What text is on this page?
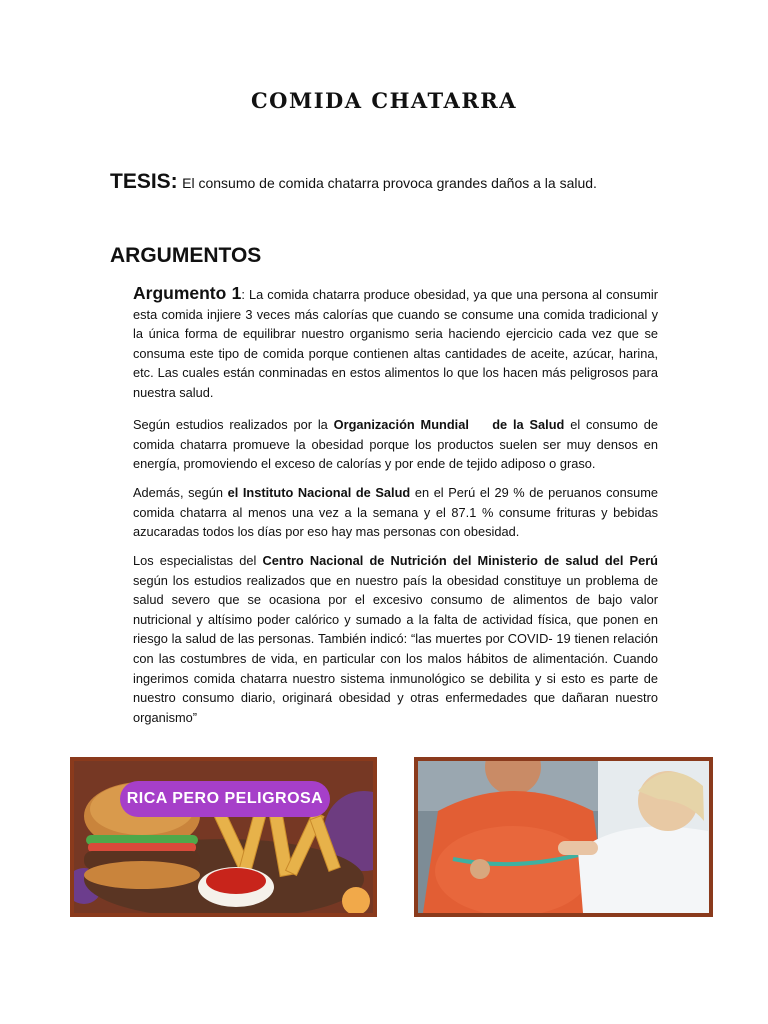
COMIDA CHATARRA
TESIS: El consumo de comida chatarra provoca grandes daños a la salud.
ARGUMENTOS

Argumento 1: La comida chatarra produce obesidad, ya que una persona al consumir esta comida injiere 3 veces más calorías que cuando se consume una comida tradicional y la única forma de equilibrar nuestro organismo seria haciendo ejercicio cada vez que se consuma este tipo de comida porque contienen altas cantidades de aceite, azúcar, harina, etc. Las cuales están conminadas en estos alimentos lo que los hacen más peligrosos para nuestra salud.

Según estudios realizados por la Organización Mundial    de la Salud el consumo de comida chatarra promueve la obesidad porque los productos suelen ser muy densos en energía, promoviendo el exceso de calorías y por ende de tejido adiposo o graso.

Además, según el Instituto Nacional de Salud en el Perú el 29 % de peruanos consume comida chatarra al menos una vez a la semana y el 87.1 % consume frituras y bebidas azucaradas todos los días por eso hay mas personas con obesidad.

Los especialistas del Centro Nacional de Nutrición del Ministerio de salud del Perú según los estudios realizados que en nuestro país la obesidad constituye un problema de salud severo que se ocasiona por el excesivo consumo de alimentos de bajo valor nutricional y altísimo poder calórico y sumado a la falta de actividad física, que ponen en riesgo la salud de las personas. También indicó: “las muertes por COVID- 19 tienen relación con las costumbres de vida, en particular con los malos hábitos de alimentación. Cuando ingerimos comida chatarra nuestro sistema inmunológico se debilita y si esto es parte de nuestro consumo diario, originará obesidad y otras enfermedades que dañaran nuestro organismo”

RICA PERO PELIGROSA
